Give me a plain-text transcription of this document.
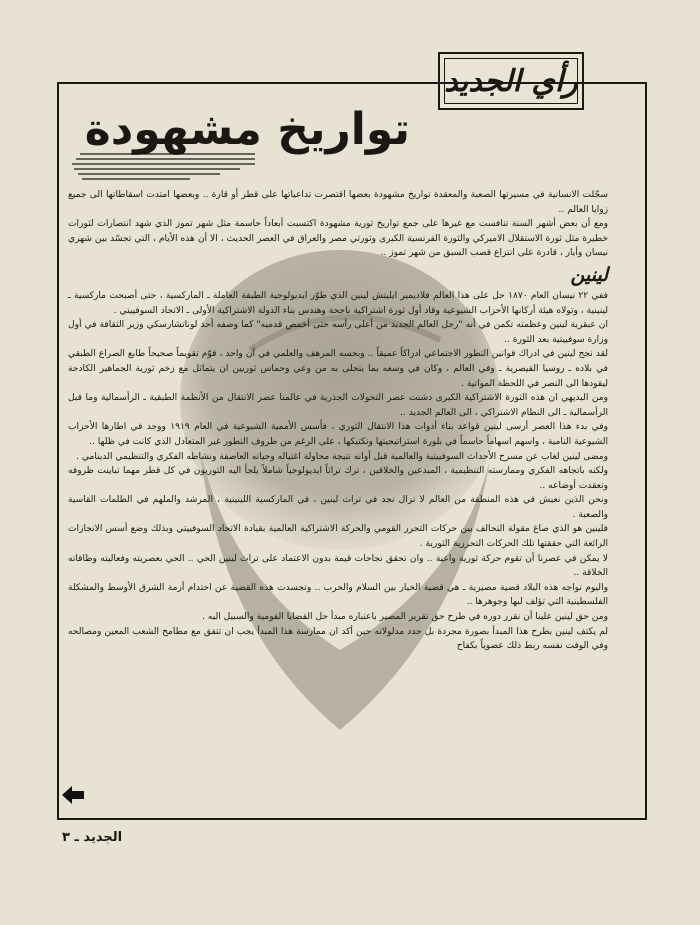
رأي الجديد
تواريخ مشهودة

سجّلت الانسانية في مسيرتها الصعبة والمعقدة تواريخ مشهودة بعضها اقتصرت تداعياتها على قطر أو قارة .. وبعضها امتدت اسقاطاتها الى جميع زوايا العالم ..

ومع أن بعض أشهر السنة تنافست مع غيرها على جمع تواريخ ثورية مشهودة اكتسبت أبعاداً حاسمة مثل شهر تموز الذي شهد انتصارات لثورات خطيرة مثل ثورة الاستقلال الاميركي والثورة الفرنسية الكبرى وثورتي مصر والعراق في العصر الحديث ، الا أن هذه الأيام ، التي تجسّد بين شهري نيسان وأيار ، قادرة على انتزاع قصب السبق من شهر تموز ..

لينين

ففي ٢٢ نيسان العام ١٨٧٠ حل على هذا العالم فلاديمير ايليتش لينين الذي طوّر ايديولوجية الطبقة العاملة ـ الماركسية ، حتى أصبحت ماركسية ـ لينينية ، وتولاه هيئة أركانها الأحزاب الشيوعية وقاد أول ثورة اشتراكية ناجحة وهندس بناء الدولة الاشتراكية الأولى ـ الاتحاد السوفييتي .

ان عبقرية لينين وعظمته تكمن في أنه "رجل العالم الجديد من أعلى رأسه حتى أخمص قدميه" كما وصفه أحد لوناتشارسكي وزير الثقافة في أول وزارة سوفييتية بعد الثورة ..

لقد نجح لينين في ادراك قوانين التطور الاجتماعي ادراكاً عميقاً .. وبحسه المرهف والعلمي في آن واحد ، قوّم تقويماً صحيحاً طابع الصراع الطبقي في بلاده ـ روسيا القيصرية ـ وفي العالم ، وكان في وسعه بما يتحلى به من وعي وحماس ثوريين ان يتماثل مع زخم ثورية الجماهير الكادحة ليقودها الى النصر في اللحظة المواتية .

ومن البديهي ان هذه الثورة الاشتراكية الكبرى دشنت عصر التحولات الجذرية في عالمنا عصر الانتقال من الأنظمة الطبقية ـ الرأسمالية وما قبل الرأسمالية ـ الى النظام الاشتراكي ، الى العالم الجديد ..

وفي بدء هذا العصر أرسى لينين قواعد بناء أدوات هذا الانتقال الثوري ، فأسس الأممية الشيوعية في العام ١٩١٩ ووجد في اطارها الأحزاب الشيوعية النامية ، واسهم اسهاماً حاسماً في بلورة استراتيجيتها وتكتيكها ، على الرغم من ظروف التطور غير المتعادل الذي كانت في ظلها ..

ومضى لينين لغاب عن مسرح الأحداث السوفييتية والعالمية قبل أوانه نتيجة محاولة اغتياله وحياته العاصفة ونشاطه الفكري والتنظيمي الدينامي .

ولكنه باتجاهه الفكري وممارسته التنظيمية ، المبدعين والخلاقين ، ترك تراثاً ايديولوجياً شاملاً يلجأ اليه الثوريون في كل قطر مهما تباينت ظروفه وتعقدت أوضاعه ..

ونحن الذين نعيش في هذه المنطقة من العالم لا نزال نجد في تراث لينين ، في الماركسية اللينينية ، المرشد والملهم في الظلمات القاسية والصعبة .

فلينين هو الذي صاغ مقولة التحالف بين حركات التحرر القومي والحركة الاشتراكية العالمية بقيادة الاتحاد السوفييتي وبذلك وضع أسس الانجازات الرائعة التي حققتها تلك الحركات التحررية الثورية .

لا يمكن في عصرنا أن تقوم حركة ثورية واعية .. وان تحقق نجاحات قيمة بدون الاعتماد على تراث لينين الحي .. الحي بعصريته وفعاليته وطاقاته الخلاقة ..

واليوم تواجه هذه البلاد قضية مصيرية ـ هي قضية الخيار بين السلام والحرب .. وتجسدت هذه القضية عن احتدام أزمة الشرق الأوسط والمشكلة الفلسطينية التي تؤلف لبها وجوهرها ..

ومن حق لينين علينا أن نقرر دوره في طرح حق تقرير المصير باعتباره مبدأ حل القضايا القومية والسبيل اليه .

لم يكتف لينين بطرح هذا المبدأ بصورة مجردة بل حدد مدلولاته حين أكد ان ممارسة هذا المبدأ يجب ان تتفق مع مطامح الشعب المعين ومصالحه وفي الوقت نفسه ربط ذلك عضوياً بكفاح

الجديد ـ ٣
